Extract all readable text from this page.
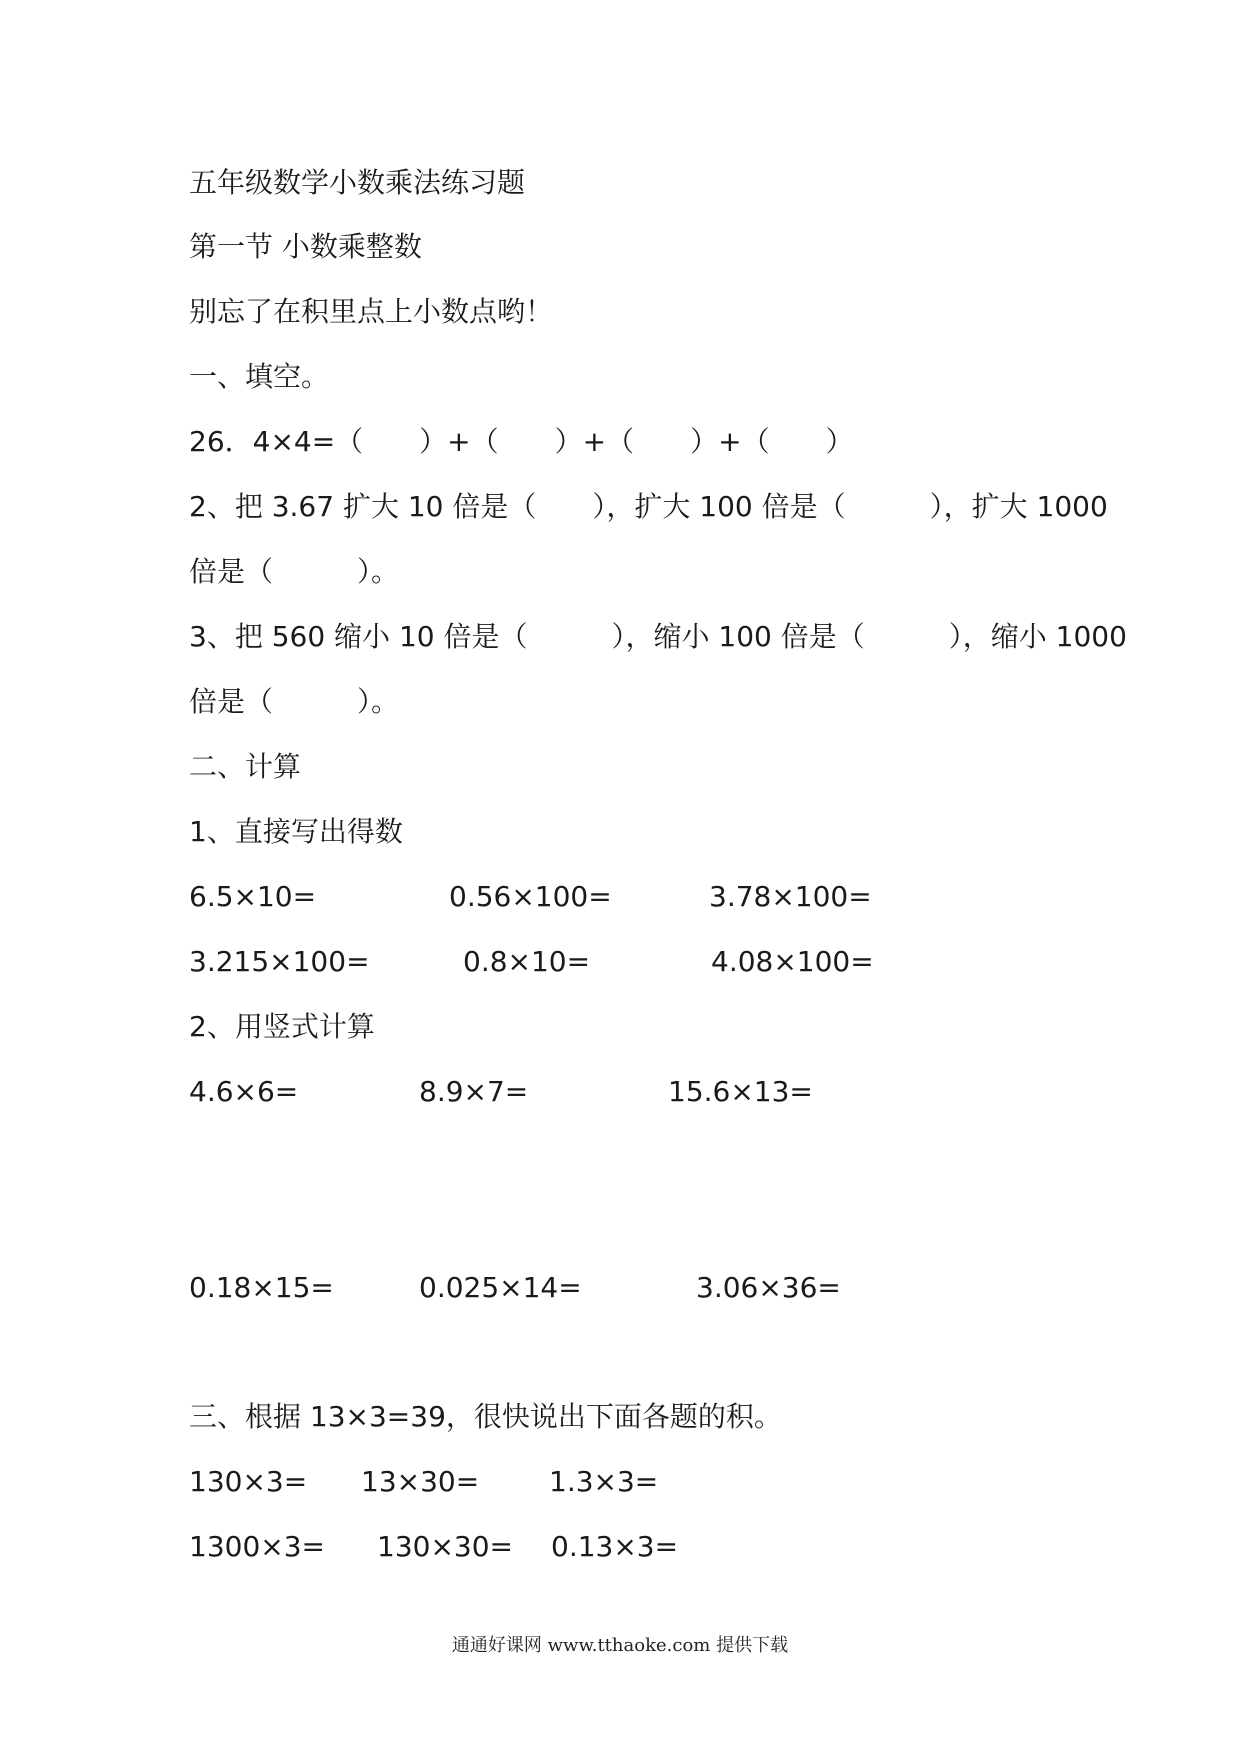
五年级数学小数乘法练习题
第一节 小数乘整数
别忘了在积里点上小数点哟！
一、填空。
26．4×4=（　　）+（　　）+（　　）+（　　）
2、把 3.67 扩大 10 倍是（　　），扩大 100 倍是（　　　），扩大 1000
倍是（　　　）。
3、把 560 缩小 10 倍是（　　　），缩小 100 倍是（　　　），缩小 1000
倍是（　　　）。
二、计算
1、直接写出得数
6.5×10=	0.56×100=	3.78×100=
3.215×100=	0.8×10=	4.08×100=
2、用竖式计算
4.6×6=	8.9×7=	15.6×13=
0.18×15=	0.025×14=	3.06×36=
三、根据 13×3=39，很快说出下面各题的积。
130×3= 13×30= 1.3×3=
1300×3= 130×30= 0.13×3=
通通好课网 www.tthaoke.com 提供下载
